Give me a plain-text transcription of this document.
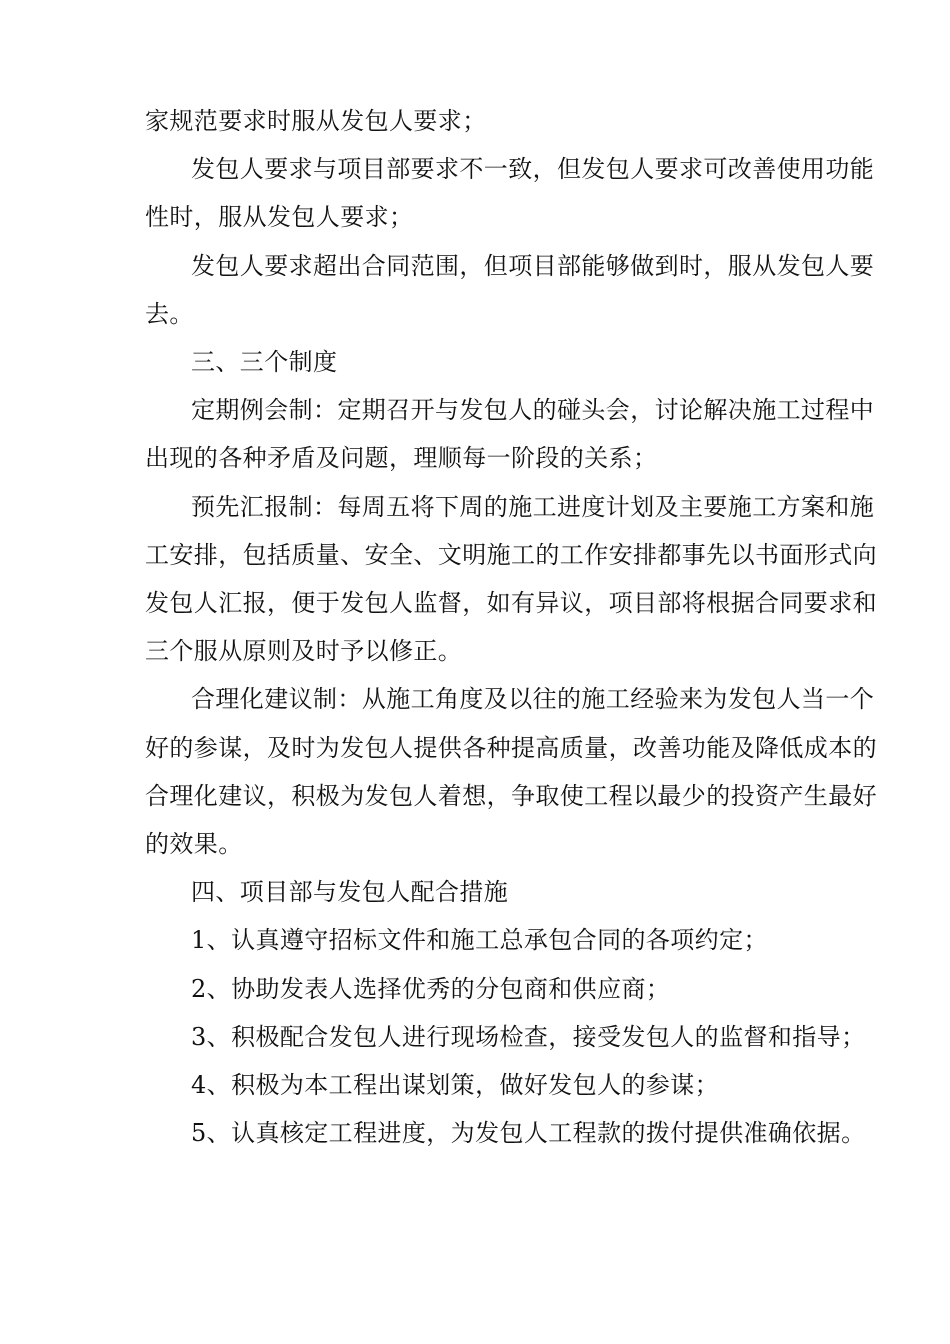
家规范要求时服从发包人要求；

发包人要求与项目部要求不一致，但发包人要求可改善使用功能

性时，服从发包人要求；

发包人要求超出合同范围，但项目部能够做到时，服从发包人要

去。

三、三个制度

定期例会制：定期召开与发包人的碰头会，讨论解决施工过程中

出现的各种矛盾及问题，理顺每一阶段的关系；

预先汇报制：每周五将下周的施工进度计划及主要施工方案和施

工安排，包括质量、安全、文明施工的工作安排都事先以书面形式向

发包人汇报，便于发包人监督，如有异议，项目部将根据合同要求和

三个服从原则及时予以修正。

合理化建议制：从施工角度及以往的施工经验来为发包人当一个

好的参谋，及时为发包人提供各种提高质量，改善功能及降低成本的

合理化建议，积极为发包人着想，争取使工程以最少的投资产生最好

的效果。

四、项目部与发包人配合措施

1、认真遵守招标文件和施工总承包合同的各项约定；

2、协助发表人选择优秀的分包商和供应商；

3、积极配合发包人进行现场检查，接受发包人的监督和指导；

4、积极为本工程出谋划策，做好发包人的参谋；

5、认真核定工程进度，为发包人工程款的拨付提供准确依据。
